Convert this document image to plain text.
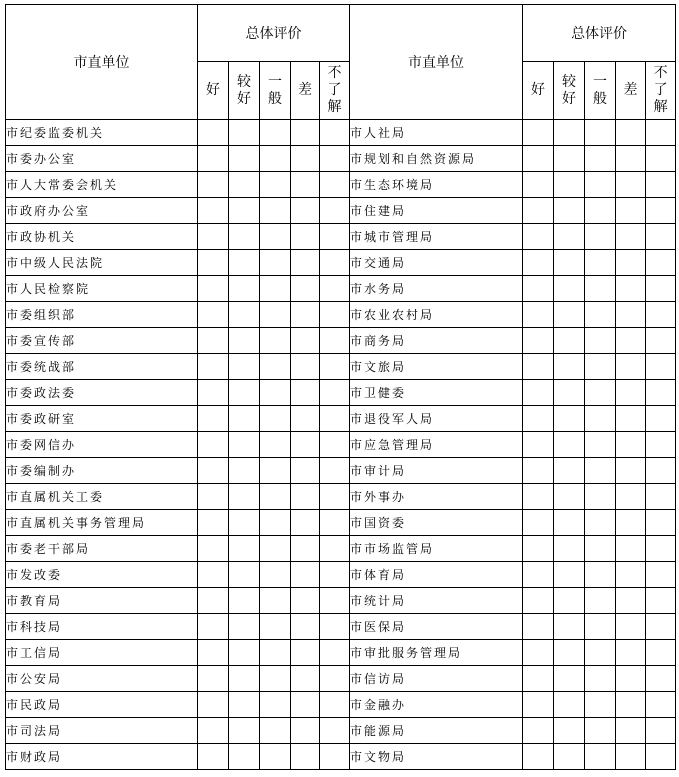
市直单位	总体评价					市直单位	总体评价				
	好	较好	一般	差	不了解		好	较好	一般	差	不了解
市纪委监委机关						市人社局					
市委办公室						市规划和自然资源局					
市人大常委会机关						市生态环境局					
市政府办公室						市住建局					
市政协机关						市城市管理局					
市中级人民法院						市交通局					
市人民检察院						市水务局					
市委组织部						市农业农村局					
市委宣传部						市商务局					
市委统战部						市文旅局					
市委政法委						市卫健委					
市委政研室						市退役军人局					
市委网信办						市应急管理局					
市委编制办						市审计局					
市直属机关工委						市外事办					
市直属机关事务管理局						市国资委					
市委老干部局						市市场监管局					
市发改委						市体育局					
市教育局						市统计局					
市科技局						市医保局					
市工信局						市审批服务管理局					
市公安局						市信访局					
市民政局						市金融办					
市司法局						市能源局					
市财政局						市文物局					
